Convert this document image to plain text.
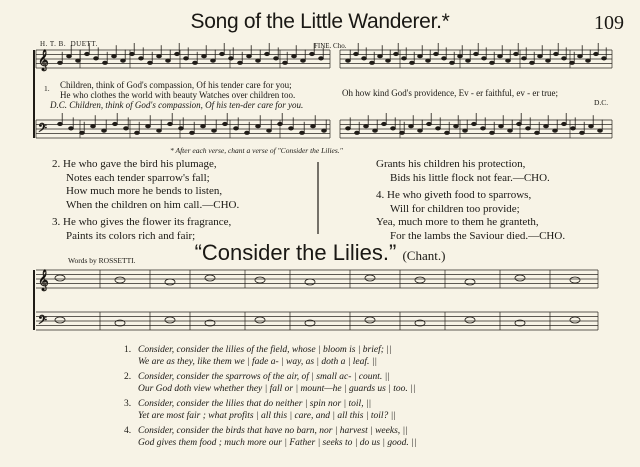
Song of the Little Wanderer.*	109
H. T. B. DUETT.	FINE. Cho.
𝄞
𝄢
𝄞
𝄢
1. Children, think of God's compassion, Of his tender care for you;
He who clothes the world with beauty Watches over children too.
D.C. Children, think of God's compassion, Of his ten-der care for you.
Oh how kind God's providence, Ev - er faithful, ev - er true;
D.C.
* After each verse, chant a verse of "Consider the Lilies."
2. He who gave the bird his plumage,
Notes each tender sparrow's fall;
How much more he bends to listen,
When the children on him call.—CHO.
3. He who gives the flower its fragrance,
Paints its colors rich and fair;
Grants his children his protection,
Bids his little flock not fear.—CHO.
4. He who giveth food to sparrows,
Will for children too provide;
Yea, much more to them he granteth,
For the lambs the Saviour died.—CHO.
“Consider the Lilies.” (Chant.)
Words by ROSSETTI.
1. Consider, consider the lilies of the field, whose | bloom is | brief; ||
We are as they, like them we | fade a- | way, as | doth a | leaf. ||
2. Consider, consider the sparrows of the air, of | small ac- | count. ||
Our God doth view whether they | fall or | mount—he | guards us | too. ||
3. Consider, consider the lilies that do neither | spin nor | toil, ||
Yet are most fair ; what profits | all this | care, and | all this | toil? ||
4. Consider, consider the birds that have no barn, nor | harvest | weeks, ||
God gives them food ; much more our | Father | seeks to | do us | good. ||
